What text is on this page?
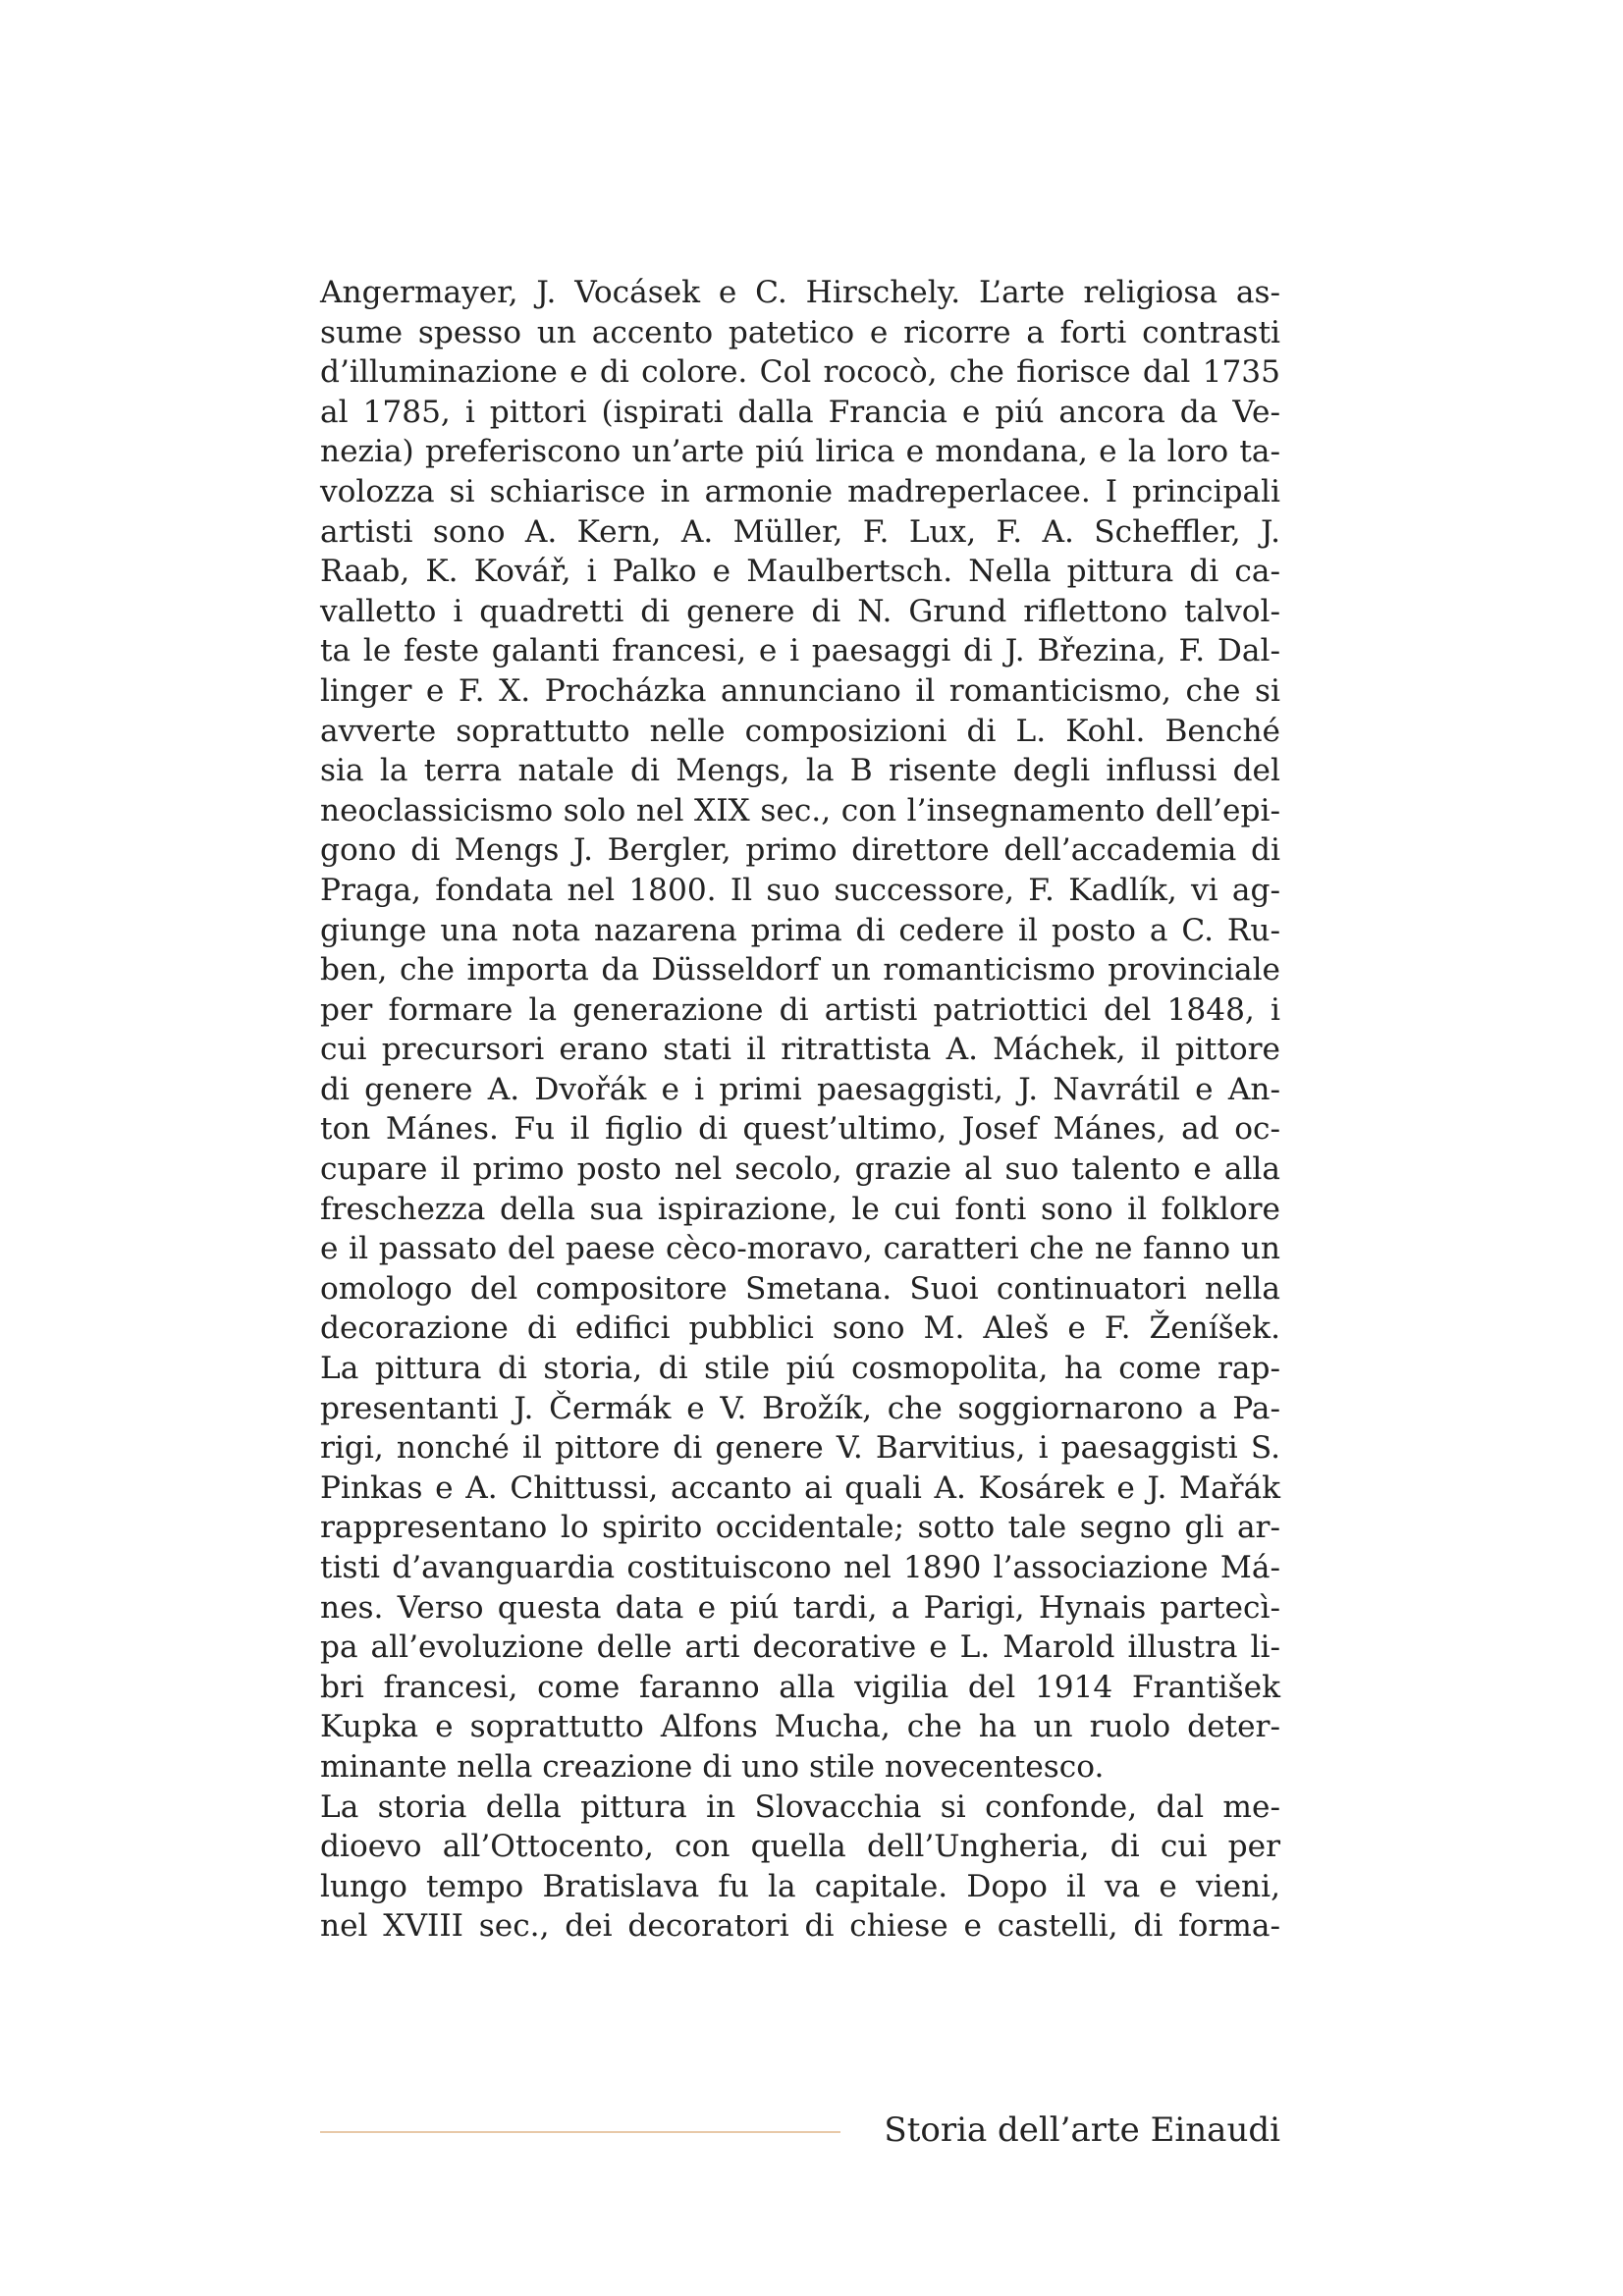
Angermayer, J. Vocásek e C. Hirschely. L’arte religiosa as-
sume spesso un accento patetico e ricorre a forti contrasti
d’illuminazione e di colore. Col rococò, che fiorisce dal 1735
al 1785, i pittori (ispirati dalla Francia e piú ancora da Ve-
nezia) preferiscono un’arte piú lirica e mondana, e la loro ta-
volozza si schiarisce in armonie madreperlacee. I principali
artisti sono A. Kern, A. Müller, F. Lux, F. A. Scheffler, J.
Raab, K. Kovář, i Palko e Maulbertsch. Nella pittura di ca-
valletto i quadretti di genere di N. Grund riflettono talvol-
ta le feste galanti francesi, e i paesaggi di J. Březina, F. Dal-
linger e F. X. Procházka annunciano il romanticismo, che si
avverte soprattutto nelle composizioni di L. Kohl. Benché
sia la terra natale di Mengs, la B risente degli influssi del
neoclassicismo solo nel XIX sec., con l’insegnamento dell’epi-
gono di Mengs J. Bergler, primo direttore dell’accademia di
Praga, fondata nel 1800. Il suo successore, F. Kadlík, vi ag-
giunge una nota nazarena prima di cedere il posto a C. Ru-
ben, che importa da Düsseldorf un romanticismo provinciale
per formare la generazione di artisti patriottici del 1848, i
cui precursori erano stati il ritrattista A. Máchek, il pittore
di genere A. Dvořák e i primi paesaggisti, J. Navrátil e An-
ton Mánes. Fu il figlio di quest’ultimo, Josef Mánes, ad oc-
cupare il primo posto nel secolo, grazie al suo talento e alla
freschezza della sua ispirazione, le cui fonti sono il folklore
e il passato del paese cèco-moravo, caratteri che ne fanno un
omologo del compositore Smetana. Suoi continuatori nella
decorazione di edifici pubblici sono M. Aleš e F. Ženíšek.
La pittura di storia, di stile piú cosmopolita, ha come rap-
presentanti J. Čermák e V. Brožík, che soggiornarono a Pa-
rigi, nonché il pittore di genere V. Barvitius, i paesaggisti S.
Pinkas e A. Chittussi, accanto ai quali A. Kosárek e J. Mařák
rappresentano lo spirito occidentale; sotto tale segno gli ar-
tisti d’avanguardia costituiscono nel 1890 l’associazione Má-
nes. Verso questa data e piú tardi, a Parigi, Hynais partecì-
pa all’evoluzione delle arti decorative e L. Marold illustra li-
bri francesi, come faranno alla vigilia del 1914 František
Kupka e soprattutto Alfons Mucha, che ha un ruolo deter-
minante nella creazione di uno stile novecentesco.
La storia della pittura in Slovacchia si confonde, dal me-
dioevo all’Ottocento, con quella dell’Ungheria, di cui per
lungo tempo Bratislava fu la capitale. Dopo il va e vieni,
nel XVIII sec., dei decoratori di chiese e castelli, di forma-
Storia dell’arte Einaudi
